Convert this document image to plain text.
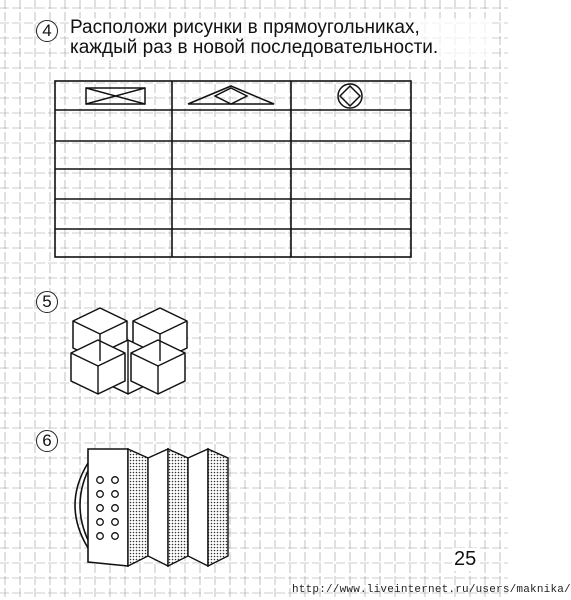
4 Расположи рисунки в прямоугольниках,
каждый раз в новой последовательности.
5
6
25
http://www.liveinternet.ru/users/maknika/
